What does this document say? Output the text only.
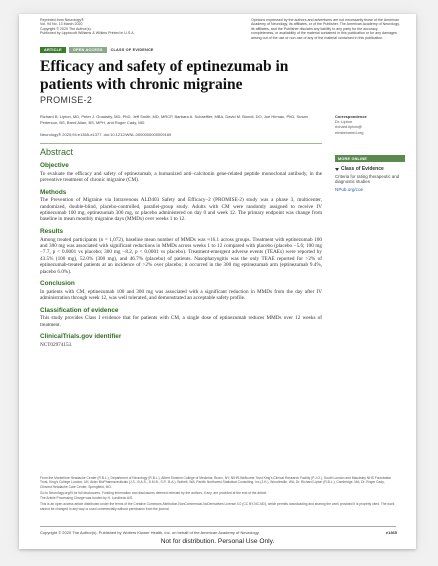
Reprinted from Neurology®
Vol. 94 No. 13 March 2020
Copyright © 2020 The Author(s)
Published by Lippincott Williams & Wilkins Printed in U.S.A.
Opinions expressed by the authors and advertisers are not necessarily those of the American Academy of Neurology, its affiliates, or of the Publisher. The American Academy of Neurology, its affiliates, and the Publisher disclaim any liability to any party for the accuracy, completeness, or availability of the material contained in this publication or for any damages arising out of the use or non-use of any of the material contained in this publication.
ARTICLE	OPEN ACCESS	CLASS OF EVIDENCE
Efficacy and safety of eptinezumab in patients with chronic migraine
PROMISE-2
Richard B. Lipton, MD, Peter J. Goadsby, MD, PhD, Jeff Smith, MD, MRCP, Barbara A. Schaeffler, MBA, David M. Biondi, DO, Joe Hirman, PhD, Susan Pederson, BS, Brent Allan, BS, MPH, and Roger Cady, MD
Neurology® 2020;94:e1365-e1377. doi:10.1212/WNL.0000000000009169
Correspondence
Dr. Lipton
richard.lipton@
einsteinmed.org
Abstract
Objective

To evaluate the efficacy and safety of eptinezumab, a humanized anti–calcitonin gene-related peptide monoclonal antibody, in the preventive treatment of chronic migraine (CM).

Methods

The Prevention of Migraine via Intravenous ALD403 Safety and Efficacy–2 (PROMISE-2) study was a phase 3, multicenter, randomized, double-blind, placebo-controlled, parallel-group study. Adults with CM were randomly assigned to receive IV eptinezumab 100 mg, eptinezumab 300 mg, or placebo administered on day 0 and week 12. The primary endpoint was change from baseline in mean monthly migraine days (MMDs) over weeks 1 to 12.

Results

Among treated participants (n = 1,072), baseline mean number of MMDs was ≈16.1 across groups. Treatment with eptinezumab 100 and 300 mg was associated with significant reductions in MMDs across weeks 1 to 12 compared with placebo (placebo −5.6; 100 mg −7.7, p < 0.0001 vs placebo; 300 mg −8.2, p < 0.0001 vs placebo). Treatment-emergent adverse events (TEAEs) were reported by 43.5% (100 mg), 52.0% (300 mg), and 46.7% (placebo) of patients. Nasopharyngitis was the only TEAE reported for >2% of eptinezumab-treated patients at an incidence of >2% over placebo; it occurred in the 300 mg eptinezumab arm (eptinezumab 9.4%, placebo 6.0%).

Conclusion

In patients with CM, eptinezumab 100 and 300 mg was associated with a significant reduction in MMDs from the day after IV administration through week 12, was well tolerated, and demonstrated an acceptable safety profile.

Classification of evidence

This study provides Class I evidence that for patients with CM, a single dose of eptinezumab reduces MMDs over 12 weeks of treatment.

ClinicalTrials.gov identifier

NCT02974153.

MORE ONLINE
Class of Evidence
Criteria for rating therapeutic and diagnostic studies
NPub.org/coe

From the Montefiore Headache Center (R.B.L.), Department of Neurology (R.B.L.), Albert Einstein College of Medicine, Bronx, NY; NIHR-Wellcome Trust King's Clinical Research Facility (P.J.G.), South London and Maudsley NHS Foundation Trust, King's College London, UK; Alder BioPharmaceuticals (J.S., B.A.S., D.M.B., S.P., B.A.), Bothell, WA; Pacific Northwest Statistical Consulting, Inc (J.H.), Woodinville, WA; Dr. Richard Lipton (R.B.L.), Cambridge, MA; Dr. Roger Cady, Clinvest Headache Care Center, Springfield, MO.

Go to Neurology.org/N for full disclosures. Funding information and disclosures deemed relevant by the authors, if any, are provided at the end of the article.

The Article Processing Charge was funded by H. Lundbeck A/S.

This is an open access article distributed under the terms of the Creative Commons Attribution-NonCommercial-NoDerivatives License 4.0 (CC BY-NC-ND), which permits downloading and sharing the work provided it is properly cited. The work cannot be changed in any way or used commercially without permission from the journal.

Copyright © 2020 The Author(s). Published by Wolters Kluwer Health, Inc. on behalf of the American Academy of Neurology.	e1365
Not for distribution. Personal Use Only.
